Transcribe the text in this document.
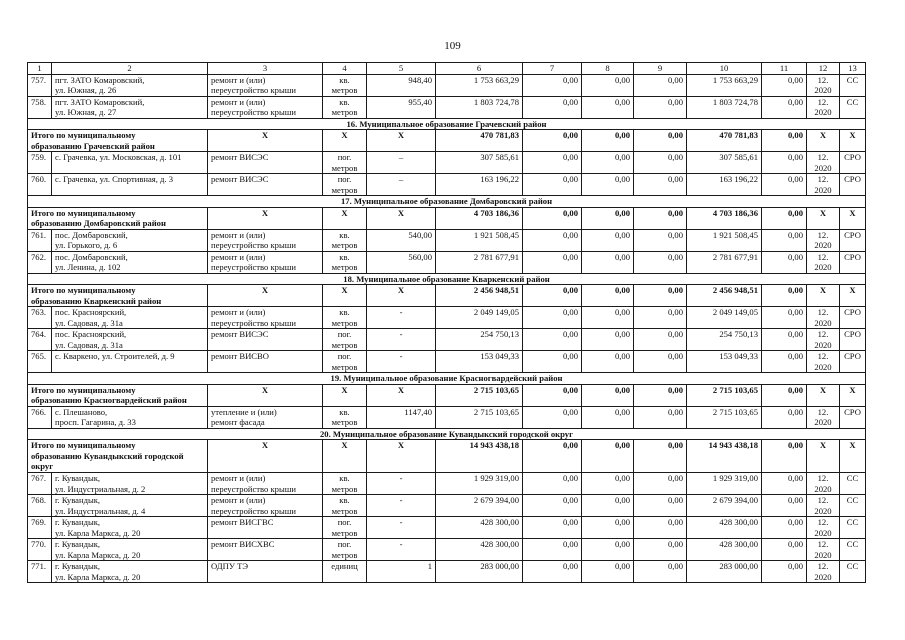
109
1	2	3	4	5	6	7	8	9	10	11	12	13
757.	пгт. ЗАТО Комаровский,
ул. Южная, д. 26	ремонт и (или)
переустройство крыши	кв.
метров	948,40	1 753 663,29	0,00	0,00	0,00	1 753 663,29	0,00	12.
2020	СС
758.	пгт. ЗАТО Комаровский,
ул. Южная, д. 27	ремонт и (или)
переустройство крыши	кв.
метров	955,40	1 803 724,78	0,00	0,00	0,00	1 803 724,78	0,00	12.
2020	СС
16. Муниципальное образование Грачевский район												
Итого по муниципальному
образованию Грачевский район		X	X	X	470 781,83	0,00	0,00	0,00	470 781,83	0,00	X	X
759.	с. Грачевка, ул. Московская, д. 101	ремонт ВИСЭС	пог.
метров	–	307 585,61	0,00	0,00	0,00	307 585,61	0,00	12.
2020	СРО
760.	с. Грачевка, ул. Спортивная, д. 3	ремонт ВИСЭС	пог.
метров	–	163 196,22	0,00	0,00	0,00	163 196,22	0,00	12.
2020	СРО
17. Муниципальное образование Домбаровский район												
Итого по муниципальному
образованию Домбаровский район		X	X	X	4 703 186,36	0,00	0,00	0,00	4 703 186,36	0,00	X	X
761.	пос. Домбаровский,
ул. Горького, д. 6	ремонт и (или)
переустройство крыши	кв.
метров	540,00	1 921 508,45	0,00	0,00	0,00	1 921 508,45	0,00	12.
2020	СРО
762.	пос. Домбаровский,
ул. Ленина, д. 102	ремонт и (или)
переустройство крыши	кв.
метров	560,00	2 781 677,91	0,00	0,00	0,00	2 781 677,91	0,00	12.
2020	СРО
18. Муниципальное образование Кваркенский район												
Итого по муниципальному
образованию Кваркенский район		X	X	X	2 456 948,51	0,00	0,00	0,00	2 456 948,51	0,00	X	X
763.	пос. Красноярский,
ул. Садовая, д. 31а	ремонт и (или)
переустройство крыши	кв.
метров	-	2 049 149,05	0,00	0,00	0,00	2 049 149,05	0,00	12.
2020	СРО
764.	пос. Красноярский,
ул. Садовая, д. 31а	ремонт ВИСЭС	пог.
метров	-	254 750,13	0,00	0,00	0,00	254 750,13	0,00	12.
2020	СРО
765.	с. Кваркено, ул. Строителей, д. 9	ремонт ВИСВО	пог.
метров	-	153 049,33	0,00	0,00	0,00	153 049,33	0,00	12.
2020	СРО
19. Муниципальное образование Красногвардейский район												
Итого по муниципальному
образованию Красногвардейский район		X	X	X	2 715 103,65	0,00	0,00	0,00	2 715 103,65	0,00	X	X
766.	с. Плешаново,
просп. Гагарина, д. 33	утепление и (или)
ремонт фасада	кв.
метров	1147,40	2 715 103,65	0,00	0,00	0,00	2 715 103,65	0,00	12.
2020	СРО
20. Муниципальное образование Кувандыкский городской округ												
Итого по муниципальному
образованию Кувандыкский городской
округ		X	X	X	14 943 438,18	0,00	0,00	0,00	14 943 438,18	0,00	X	X
767.	г. Кувандык,
ул. Индустриальная, д. 2	ремонт и (или)
переустройство крыши	кв.
метров	-	1 929 319,00	0,00	0,00	0,00	1 929 319,00	0,00	12.
2020	СС
768.	г. Кувандык,
ул. Индустриальная, д. 4	ремонт и (или)
переустройство крыши	кв.
метров	-	2 679 394,00	0,00	0,00	0,00	2 679 394,00	0,00	12.
2020	СС
769.	г. Кувандык,
ул. Карла Маркса, д. 20	ремонт ВИСГВС	пог.
метров	-	428 300,00	0,00	0,00	0,00	428 300,00	0,00	12.
2020	СС
770.	г. Кувандык,
ул. Карла Маркса, д. 20	ремонт ВИСХВС	пог.
метров	-	428 300,00	0,00	0,00	0,00	428 300,00	0,00	12.
2020	СС
771.	г. Кувандык,
ул. Карла Маркса, д. 20	ОДПУ ТЭ	единиц	1	283 000,00	0,00	0,00	0,00	283 000,00	0,00	12.
2020	СС
